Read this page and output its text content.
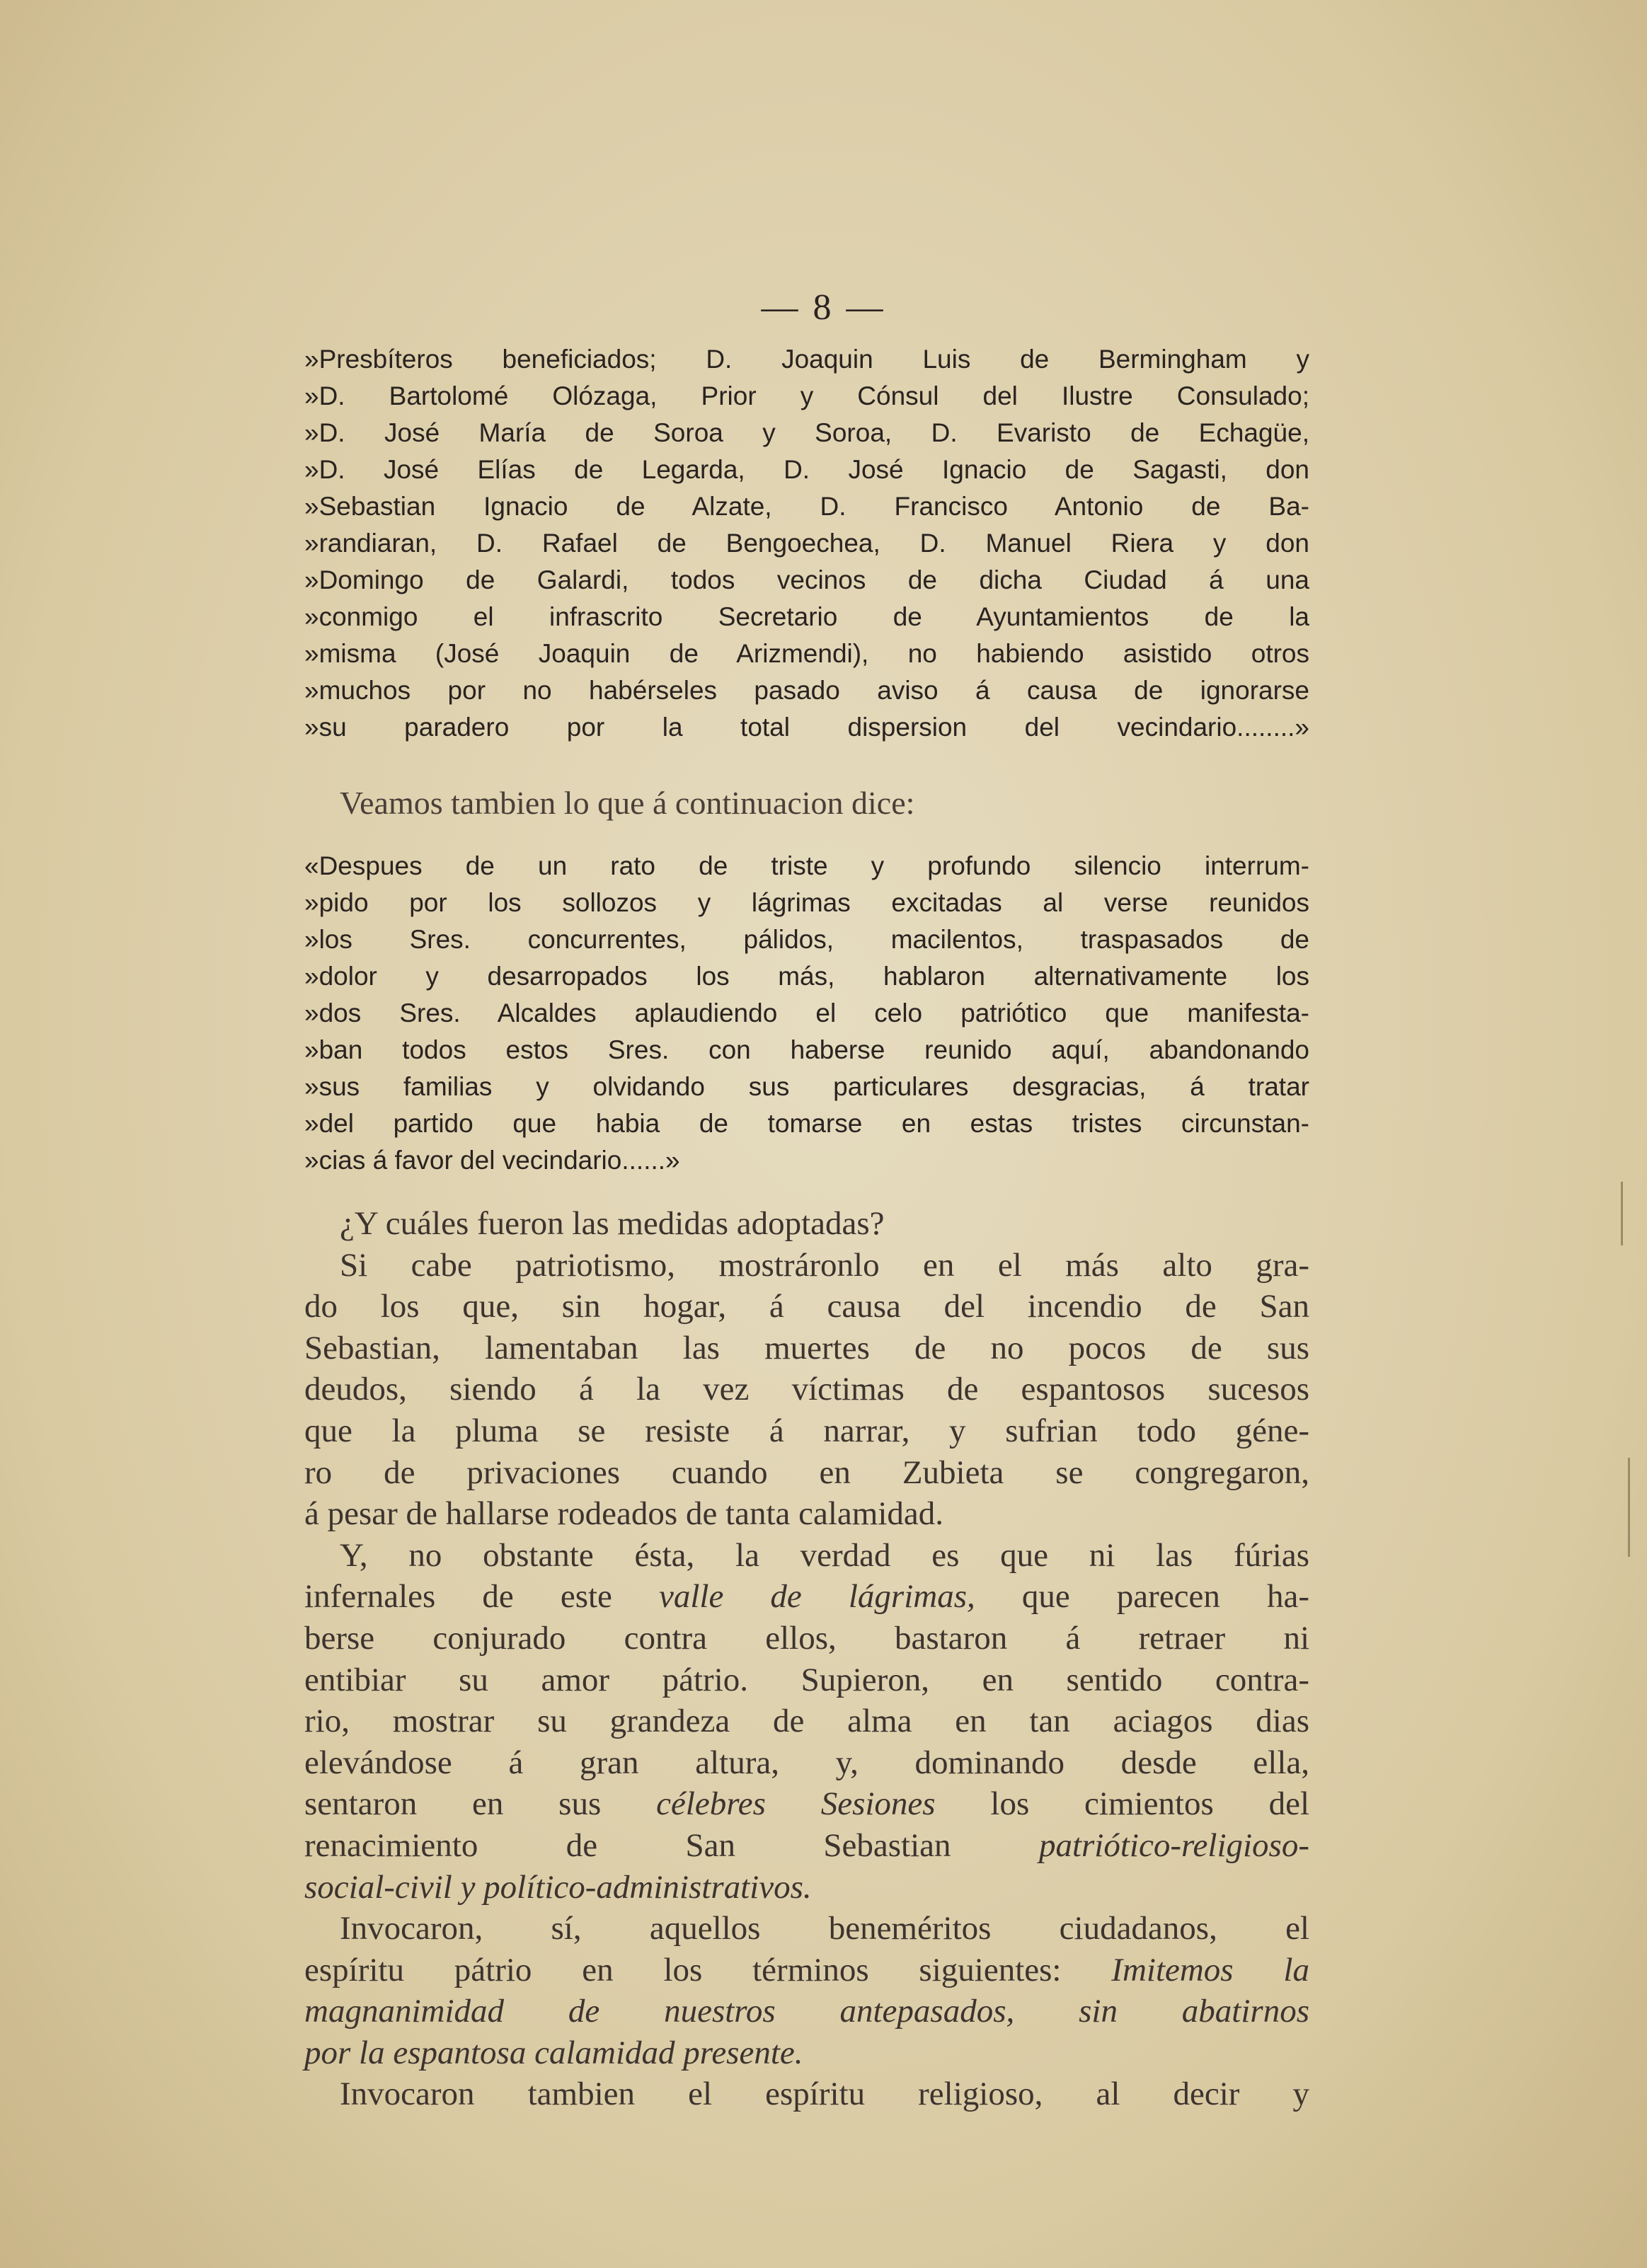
— 8 —
»Presbíteros beneficiados; D. Joaquin Luis de Bermingham y
»D. Bartolomé Olózaga, Prior y Cónsul del Ilustre Consulado;
»D. José María de Soroa y Soroa, D. Evaristo de Echagüe,
»D. José Elías de Legarda, D. José Ignacio de Sagasti, don
»Sebastian Ignacio de Alzate, D. Francisco Antonio de Ba-
»randiaran, D. Rafael de Bengoechea, D. Manuel Riera y don
»Domingo de Galardi, todos vecinos de dicha Ciudad á una
»conmigo el infrascrito Secretario de Ayuntamientos de la
»misma (José Joaquin de Arizmendi), no habiendo asistido otros
»muchos por no habérseles pasado aviso á causa de ignorarse
»su paradero por la total dispersion del vecindario........»
Veamos tambien lo que á continuacion dice:
«Despues de un rato de triste y profundo silencio interrum-
»pido por los sollozos y lágrimas excitadas al verse reunidos
»los Sres. concurrentes, pálidos, macilentos, traspasados de
»dolor y desarropados los más, hablaron alternativamente los
»dos Sres. Alcaldes aplaudiendo el celo patriótico que manifesta-
»ban todos estos Sres. con haberse reunido aquí, abandonando
»sus familias y olvidando sus particulares desgracias, á tratar
»del partido que habia de tomarse en estas tristes circunstan-
»cias á favor del vecindario......»
¿Y cuáles fueron las medidas adoptadas?
Si cabe patriotismo, mostráronlo en el más alto gra-
do los que, sin hogar, á causa del incendio de San
Sebastian, lamentaban las muertes de no pocos de sus
deudos, siendo á la vez víctimas de espantosos sucesos
que la pluma se resiste á narrar, y sufrian todo géne-
ro de privaciones cuando en Zubieta se congregaron,
á pesar de hallarse rodeados de tanta calamidad.
Y, no obstante ésta, la verdad es que ni las fúrias
infernales de este valle de lágrimas, que parecen ha-
berse conjurado contra ellos, bastaron á retraer ni
entibiar su amor pátrio. Supieron, en sentido contra-
rio, mostrar su grandeza de alma en tan aciagos dias
elevándose á gran altura, y, dominando desde ella,
sentaron en sus célebres Sesiones los cimientos del
renacimiento de San Sebastian patriótico-religioso-
social-civil y político-administrativos.
Invocaron, sí, aquellos beneméritos ciudadanos, el
espíritu pátrio en los términos siguientes: Imitemos la
magnanimidad de nuestros antepasados, sin abatirnos
por la espantosa calamidad presente.
Invocaron tambien el espíritu religioso, al decir y
